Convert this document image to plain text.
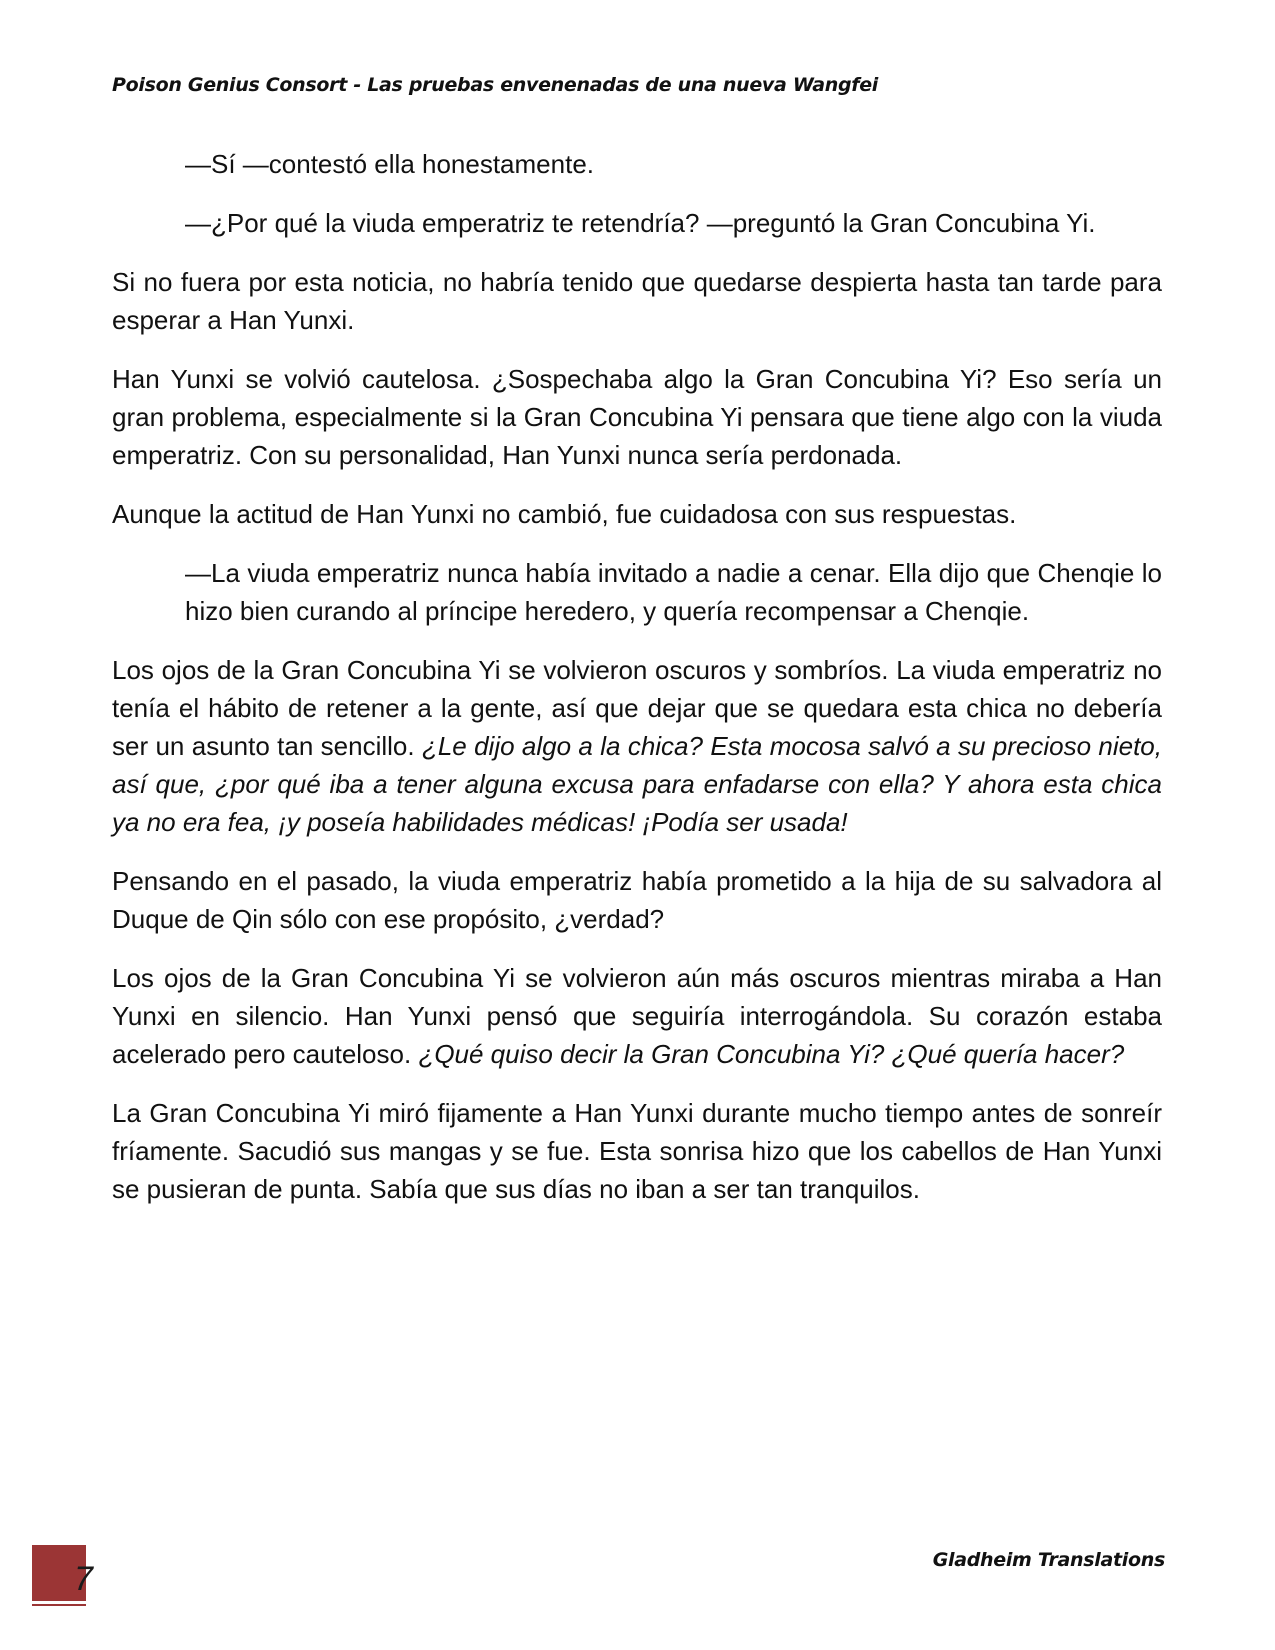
Poison Genius Consort - Las pruebas envenenadas de una nueva Wangfei

—Sí —contestó ella honestamente.

—¿Por qué la viuda emperatriz te retendría? —preguntó la Gran Concubina Yi.

Si no fuera por esta noticia, no habría tenido que quedarse despierta hasta tan tarde para esperar a Han Yunxi.

Han Yunxi se volvió cautelosa. ¿Sospechaba algo la Gran Concubina Yi? Eso sería un gran problema, especialmente si la Gran Concubina Yi pensara que tiene algo con la viuda emperatriz. Con su personalidad, Han Yunxi nunca sería perdonada.

Aunque la actitud de Han Yunxi no cambió, fue cuidadosa con sus respuestas.

—La viuda emperatriz nunca había invitado a nadie a cenar. Ella dijo que Chenqie lo hizo bien curando al príncipe heredero, y quería recompensar a Chenqie.

Los ojos de la Gran Concubina Yi se volvieron oscuros y sombríos. La viuda emperatriz no tenía el hábito de retener a la gente, así que dejar que se quedara esta chica no debería ser un asunto tan sencillo. ¿Le dijo algo a la chica? Esta mocosa salvó a su precioso nieto, así que, ¿por qué iba a tener alguna excusa para enfadarse con ella? Y ahora esta chica ya no era fea, ¡y poseía habilidades médicas! ¡Podía ser usada!

Pensando en el pasado, la viuda emperatriz había prometido a la hija de su salvadora al Duque de Qin sólo con ese propósito, ¿verdad?

Los ojos de la Gran Concubina Yi se volvieron aún más oscuros mientras miraba a Han Yunxi en silencio. Han Yunxi pensó que seguiría interrogándola. Su corazón estaba acelerado pero cauteloso. ¿Qué quiso decir la Gran Concubina Yi? ¿Qué quería hacer?

La Gran Concubina Yi miró fijamente a Han Yunxi durante mucho tiempo antes de sonreír fríamente. Sacudió sus mangas y se fue. Esta sonrisa hizo que los cabellos de Han Yunxi se pusieran de punta. Sabía que sus días no iban a ser tan tranquilos.

7	Gladheim Translations
